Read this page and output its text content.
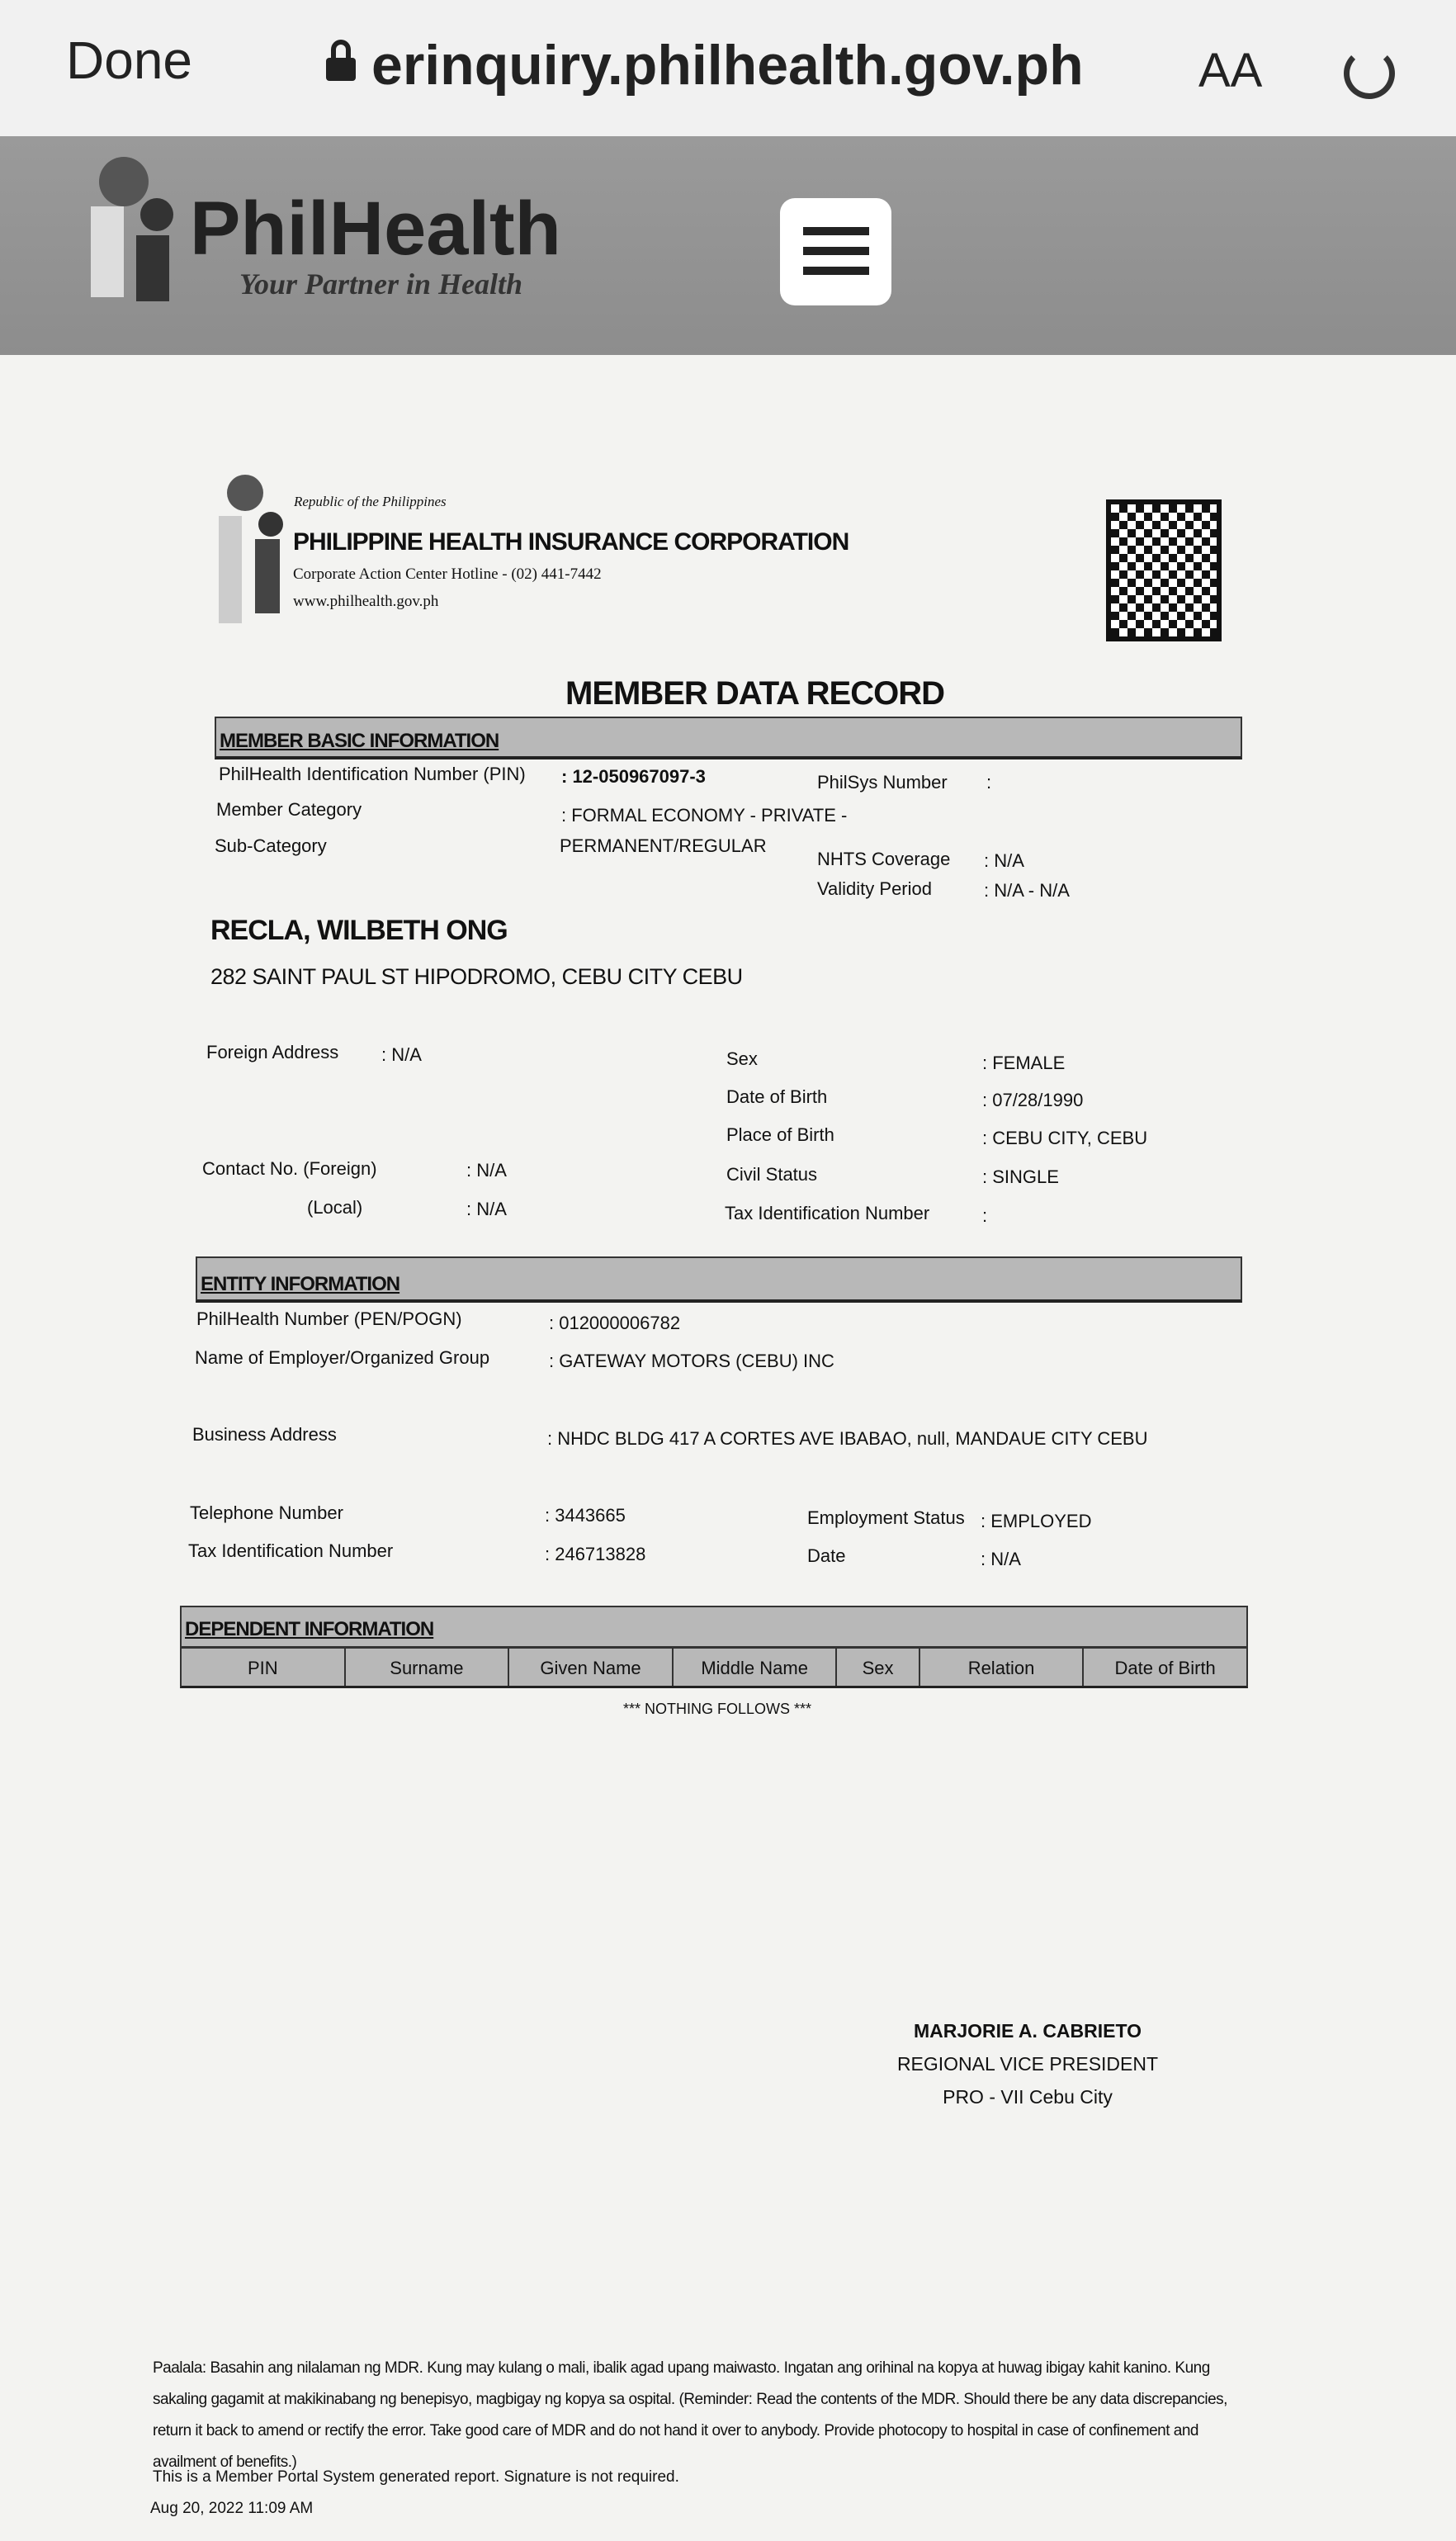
Done	erinquiry.philhealth.gov.ph AA
PhilHealth
Your Partner in Health
Republic of the Philippines
PHILIPPINE HEALTH INSURANCE CORPORATION
Corporate Action Center Hotline - (02) 441-7442
www.philhealth.gov.ph
MEMBER DATA RECORD
MEMBER BASIC INFORMATION
PhilHealth Identification Number (PIN) : 12-050967097-3	PhilSys Number :
Member Category	: FORMAL ECONOMY - PRIVATE -
Sub-Category	PERMANENT/REGULAR
NHTS Coverage : N/A
Validity Period	: N/A - N/A
RECLA, WILBETH ONG
282 SAINT PAUL ST HIPODROMO, CEBU CITY CEBU
Foreign Address : N/A
Contact No. (Foreign)	: N/A
(Local)	: N/A
Sex	: FEMALE
Date of Birth	: 07/28/1990
Place of Birth	: CEBU CITY, CEBU
Civil Status	: SINGLE
Tax Identification Number	:
ENTITY INFORMATION
PhilHealth Number (PEN/POGN)	: 012000006782
Name of Employer/Organized Group	: GATEWAY MOTORS (CEBU) INC
Business Address	: NHDC BLDG 417 A CORTES AVE IBABAO, null, MANDAUE CITY CEBU
Telephone Number	: 3443665
Tax Identification Number	: 246713828
Employment Status : EMPLOYED
Date	: N/A
DEPENDENT INFORMATION
PIN	Surname	Given Name	Middle Name	Sex	Relation	Date of Birth
*** NOTHING FOLLOWS ***
MARJORIE A. CABRIETO
REGIONAL VICE PRESIDENT
PRO - VII Cebu City
Paalala: Basahin ang nilalaman ng MDR. Kung may kulang o mali, ibalik agad upang maiwasto. Ingatan ang orihinal na kopya at huwag ibigay kahit kanino. Kung sakaling gagamit at makikinabang ng benepisyo, magbigay ng kopya sa ospital. (Reminder: Read the contents of the MDR. Should there be any data discrepancies, return it back to amend or rectify the error. Take good care of MDR and do not hand it over to anybody. Provide photocopy to hospital in case of confinement and availment of benefits.)
This is a Member Portal System generated report. Signature is not required.
Aug 20, 2022 11:09 AM
